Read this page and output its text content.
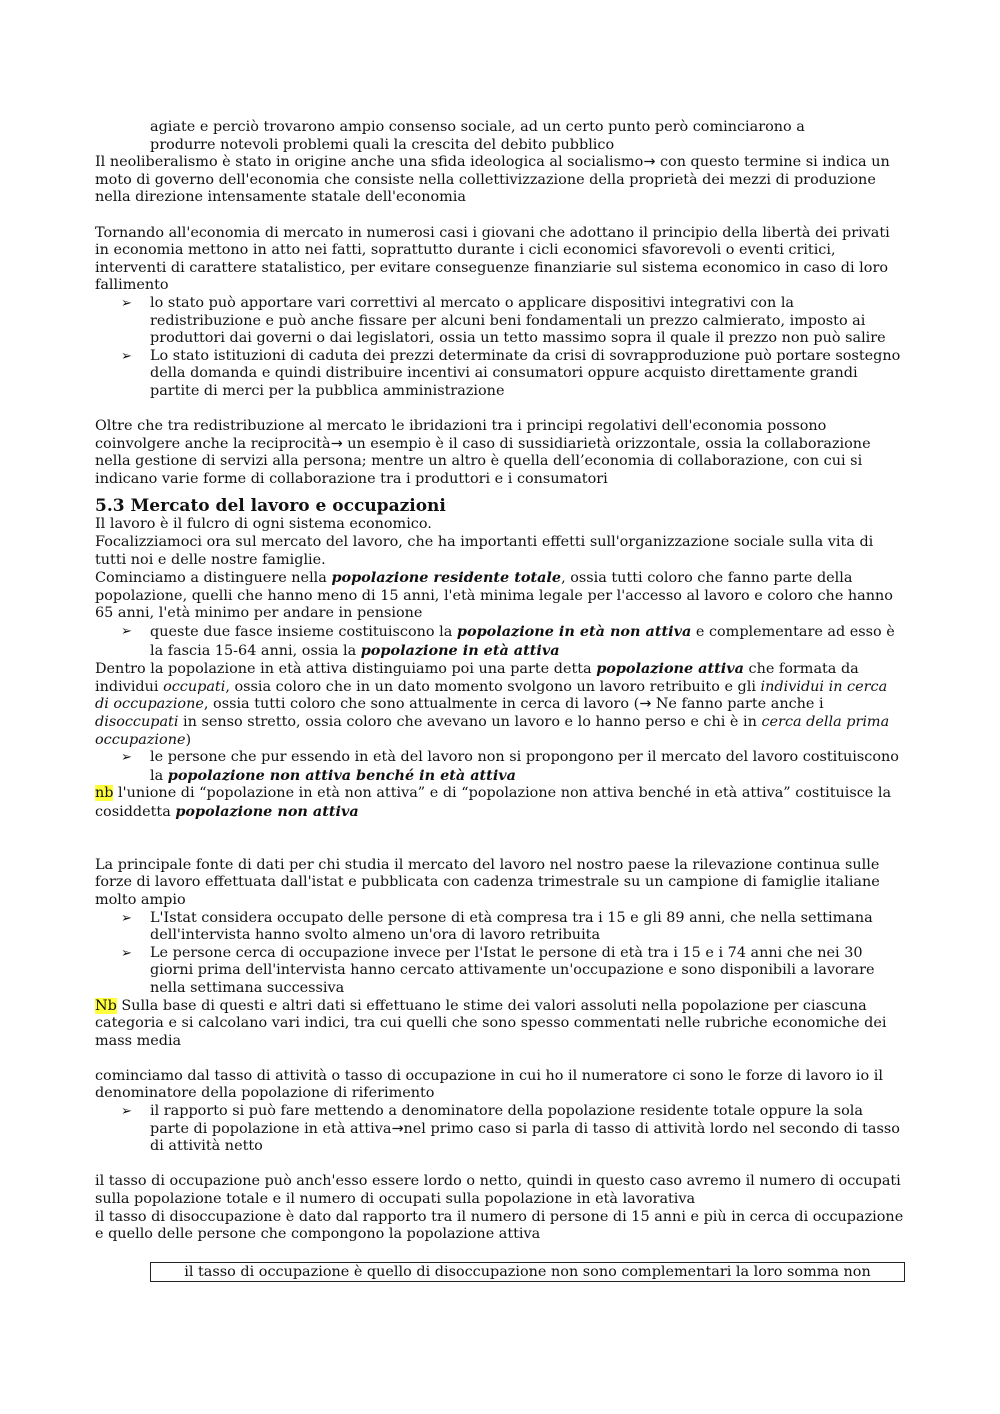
agiate e perciò trovarono ampio consenso sociale, ad un certo punto però cominciarono a
produrre notevoli problemi quali la crescita del debito pubblico

Il neoliberalismo è stato in origine anche una sfida ideologica al socialismo→ con questo termine si indica un moto di governo dell'economia che consiste nella collettivizzazione della proprietà dei mezzi di produzione nella direzione intensamente statale dell'economia

Tornando all'economia di mercato in numerosi casi i giovani che adottano il principio della libertà dei privati in economia mettono in atto nei fatti, soprattutto durante i cicli economici sfavorevoli o eventi critici, interventi di carattere statalistico, per evitare conseguenze finanziarie sul sistema economico in caso di loro fallimento

➢ lo stato può apportare vari correttivi al mercato o applicare dispositivi integrativi con la redistribuzione e può anche fissare per alcuni beni fondamentali un prezzo calmierato, imposto ai produttori dai governi o dai legislatori, ossia un tetto massimo sopra il quale il prezzo non può salire
➢ Lo stato istituzioni di caduta dei prezzi determinate da crisi di sovrapproduzione può portare sostegno della domanda e quindi distribuire incentivi ai consumatori oppure acquisto direttamente grandi partite di merci per la pubblica amministrazione

Oltre che tra redistribuzione al mercato le ibridazioni tra i principi regolativi dell'economia possono coinvolgere anche la reciprocità→ un esempio è il caso di sussidiarietà orizzontale, ossia la collaborazione nella gestione di servizi alla persona; mentre un altro è quella dell’economia di collaborazione, con cui si indicano varie forme di collaborazione tra i produttori e i consumatori

5.3 Mercato del lavoro e occupazioni

Il lavoro è il fulcro di ogni sistema economico.

Focalizziamoci ora sul mercato del lavoro, che ha importanti effetti sull'organizzazione sociale sulla vita di tutti noi e delle nostre famiglie.

Cominciamo a distinguere nella popolazione residente totale, ossia tutti coloro che fanno parte della popolazione, quelli che hanno meno di 15 anni, l'età minima legale per l'accesso al lavoro e coloro che hanno 65 anni, l'età minimo per andare in pensione

➢ queste due fasce insieme costituiscono la popolazione in età non attiva e complementare ad esso è la fascia 15-64 anni, ossia la popolazione in età attiva

Dentro la popolazione in età attiva distinguiamo poi una parte detta popolazione attiva che formata da individui occupati, ossia coloro che in un dato momento svolgono un lavoro retribuito e gli individui in cerca di occupazione, ossia tutti coloro che sono attualmente in cerca di lavoro (→ Ne fanno parte anche i disoccupati in senso stretto, ossia coloro che avevano un lavoro e lo hanno perso e chi è in cerca della prima occupazione)

➢ le persone che pur essendo in età del lavoro non si propongono per il mercato del lavoro costituiscono la popolazione non attiva benché in età attiva

nb l'unione di “popolazione in età non attiva” e di “popolazione non attiva benché in età attiva” costituisce la cosiddetta popolazione non attiva

La principale fonte di dati per chi studia il mercato del lavoro nel nostro paese la rilevazione continua sulle forze di lavoro effettuata dall'istat e pubblicata con cadenza trimestrale su un campione di famiglie italiane molto ampio

➢ L'Istat considera occupato delle persone di età compresa tra i 15 e gli 89 anni, che nella settimana dell'intervista hanno svolto almeno un'ora di lavoro retribuita
➢ Le persone cerca di occupazione invece per l'Istat le persone di età tra i 15 e i 74 anni che nei 30 giorni prima dell'intervista hanno cercato attivamente un'occupazione e sono disponibili a lavorare nella settimana successiva

Nb Sulla base di questi e altri dati si effettuano le stime dei valori assoluti nella popolazione per ciascuna categoria e si calcolano vari indici, tra cui quelli che sono spesso commentati nelle rubriche economiche dei mass media

cominciamo dal tasso di attività o tasso di occupazione in cui ho il numeratore ci sono le forze di lavoro io il denominatore della popolazione di riferimento

➢ il rapporto si può fare mettendo a denominatore della popolazione residente totale oppure la sola parte di popolazione in età attiva→nel primo caso si parla di tasso di attività lordo nel secondo di tasso di attività netto

il tasso di occupazione può anch'esso essere lordo o netto, quindi in questo caso avremo il numero di occupati sulla popolazione totale e il numero di occupati sulla popolazione in età lavorativa

il tasso di disoccupazione è dato dal rapporto tra il numero di persone di 15 anni e più in cerca di occupazione e quello delle persone che compongono la popolazione attiva

il tasso di occupazione è quello di disoccupazione non sono complementari la loro somma non
